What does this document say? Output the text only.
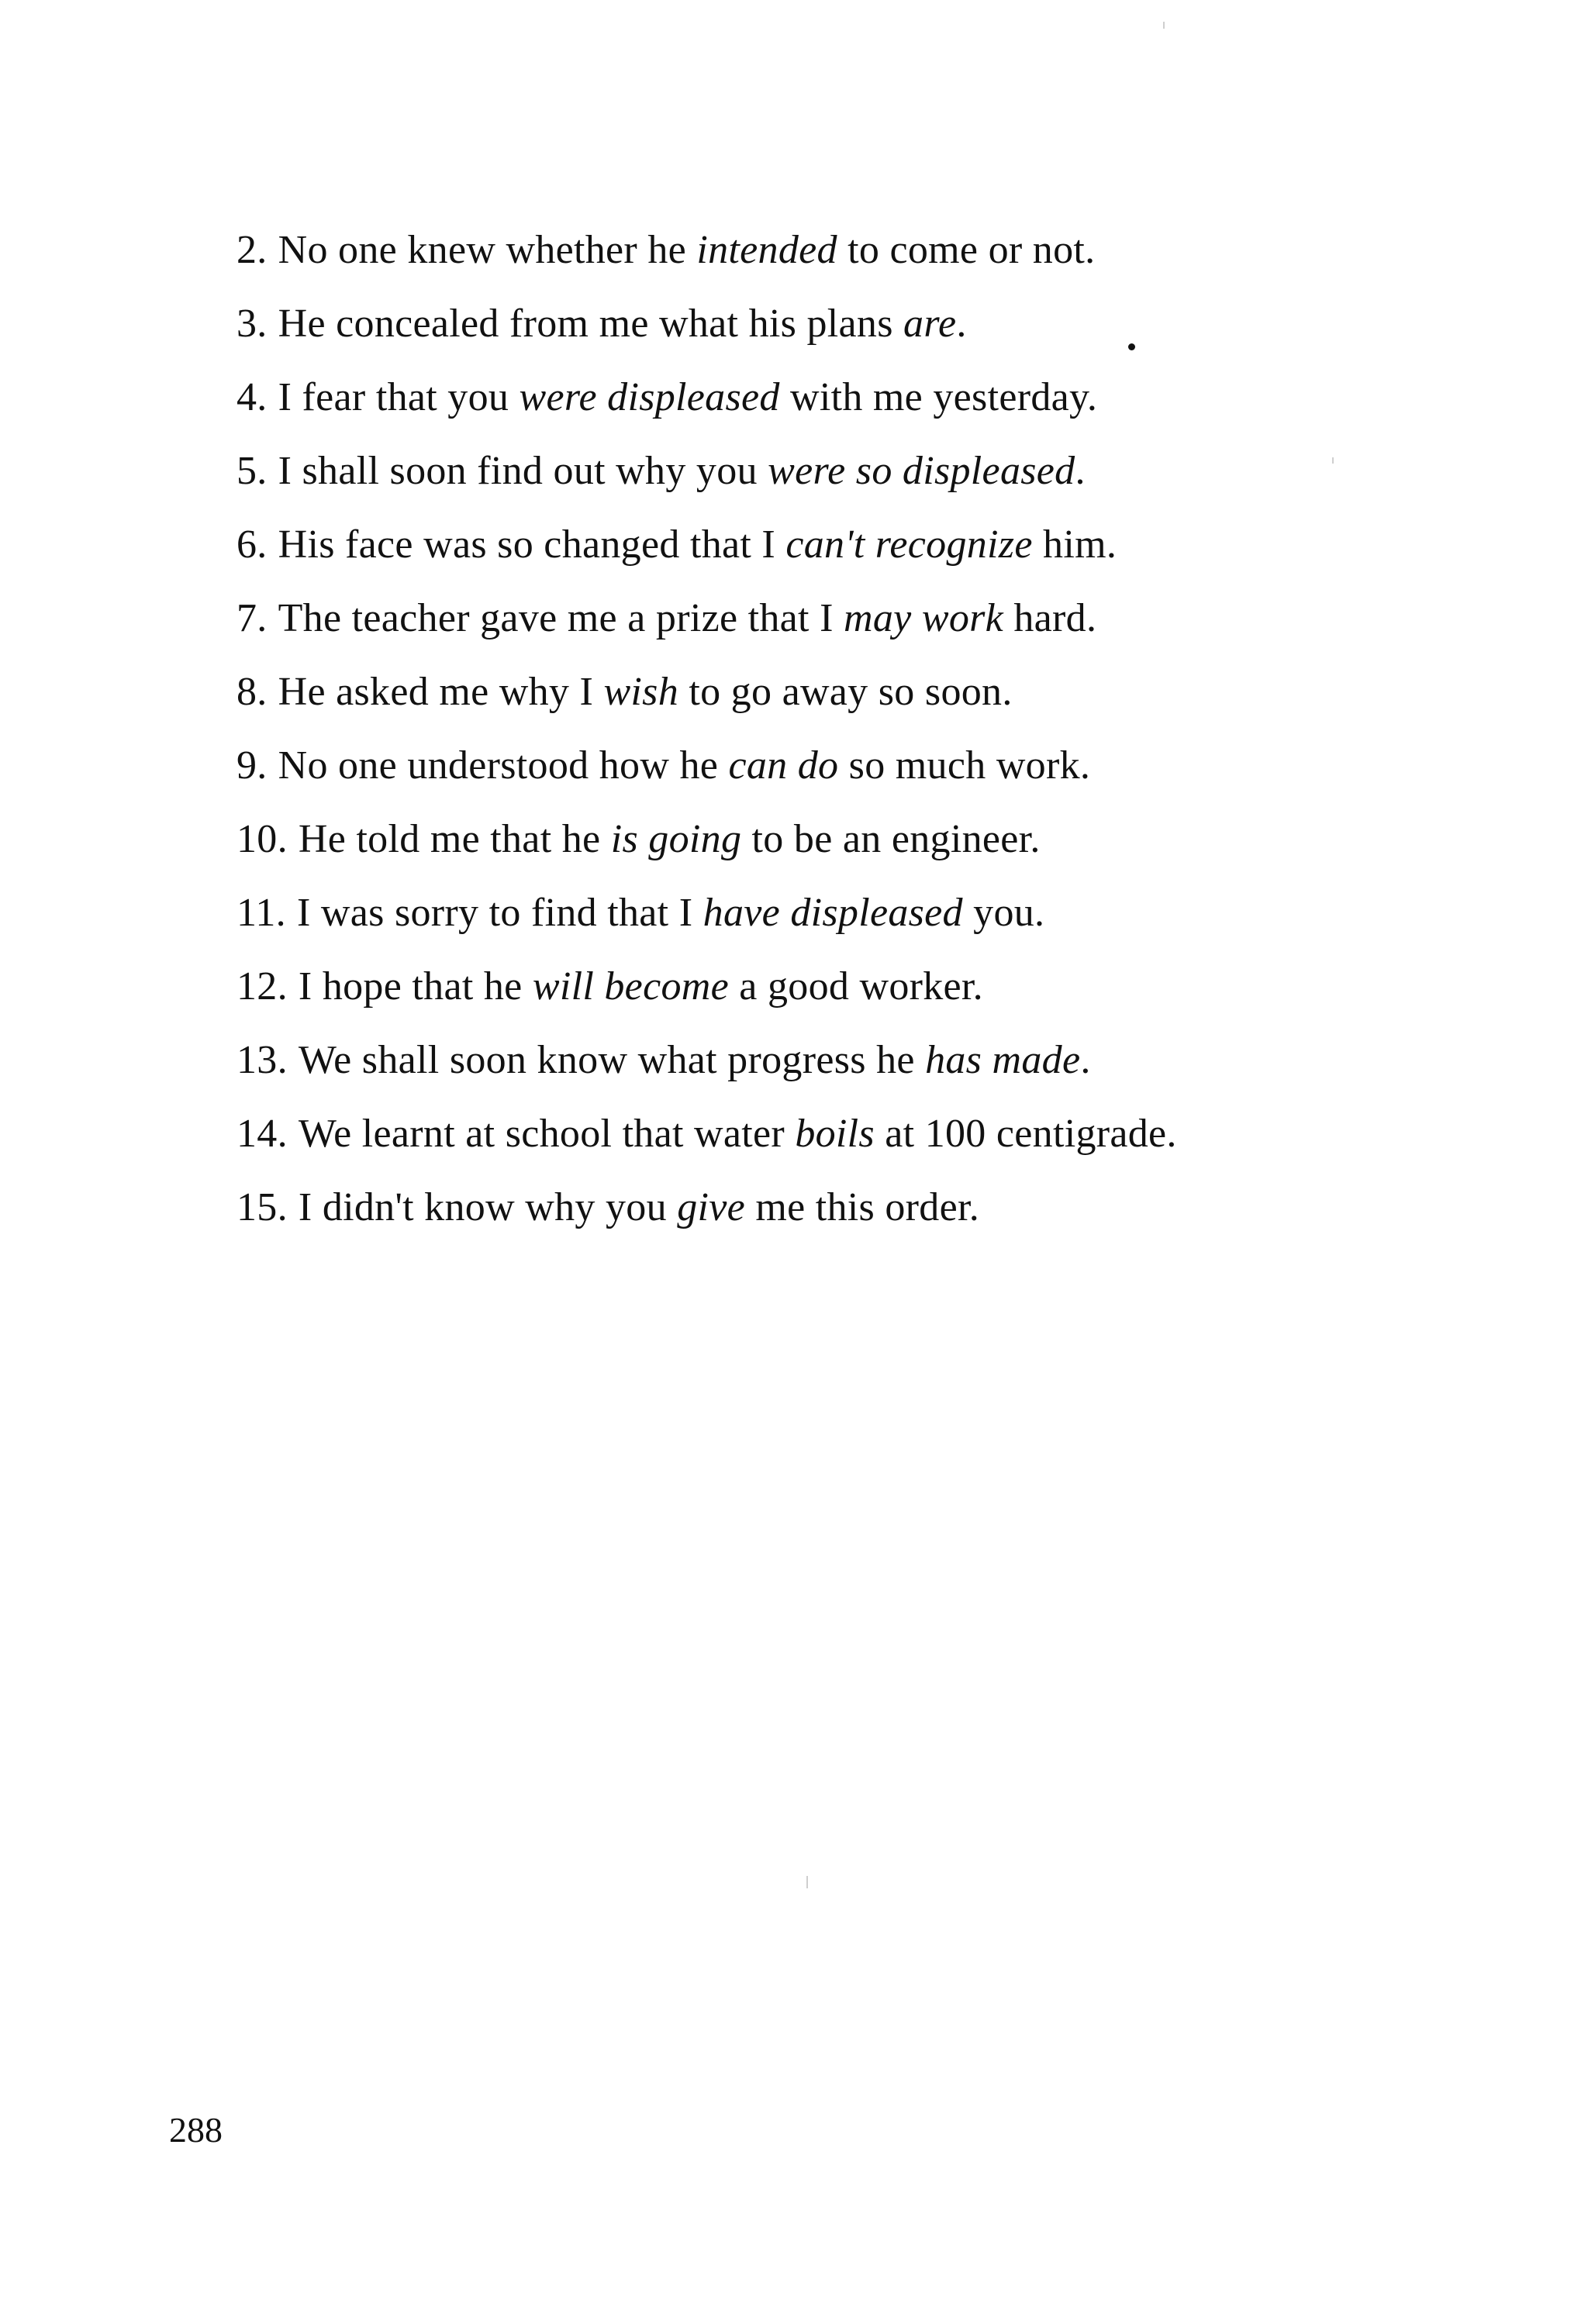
2. No one knew whether he intended to come or not.
3. He concealed from me what his plans are.
4. I fear that you were displeased with me yesterday.
5. I shall soon find out why you were so displeased.
6. His face was so changed that I can't recognize him.
7. The teacher gave me a prize that I may work hard.
8. He asked me why I wish to go away so soon.
9. No one understood how he can do so much work.
10. He told me that he is going to be an engineer.
11. I was sorry to find that I have displeased you.
12. I hope that he will become a good worker.
13. We shall soon know what progress he has made.
14. We learnt at school that water boils at 100 centigrade.
15. I didn't know why you give me this order.
288
